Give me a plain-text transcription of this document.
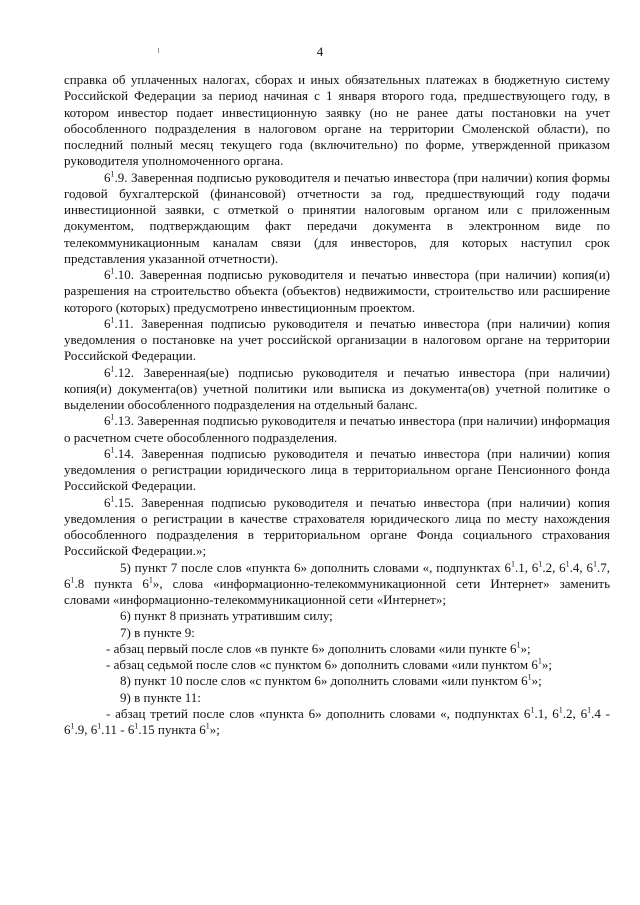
4

справка об уплаченных налогах, сборах и иных обязательных платежах в бюджетную систему Российской Федерации за период начиная с 1 января второго года, предшествующего году, в котором инвестор подает инвестиционную заявку (но не ранее даты постановки на учет обособленного подразделения в налоговом органе на территории Смоленской области), по последний полный месяц текущего года (включительно) по форме, утвержденной приказом руководителя уполномоченного органа.

$6^1.9$. Заверенная подписью руководителя и печатью инвестора (при наличии) копия формы годовой бухгалтерской (финансовой) отчетности за год, предшествующий году подачи инвестиционной заявки, с отметкой о принятии налоговым органом или с приложенным документом, подтверждающим факт передачи документа в электронном виде по телекоммуникационным каналам связи (для инвесторов, для которых наступил срок представления указанной отчетности).

$6^1.10$. Заверенная подписью руководителя и печатью инвестора (при наличии) копия(и) разрешения на строительство объекта (объектов) недвижимости, строительство или расширение которого (которых) предусмотрено инвестиционным проектом.

$6^1.11$. Заверенная подписью руководителя и печатью инвестора (при наличии) копия уведомления о постановке на учет российской организации в налоговом органе на территории Российской Федерации.

$6^1.12$. Заверенная(ые) подписью руководителя и печатью инвестора (при наличии) копия(и) документа(ов) учетной политики или выписка из документа(ов) учетной политике о выделении обособленного подразделения на отдельный баланс.

$6^1.13$. Заверенная подписью руководителя и печатью инвестора (при наличии) информация о расчетном счете обособленного подразделения.

$6^1.14$. Заверенная подписью руководителя и печатью инвестора (при наличии) копия уведомления о регистрации юридического лица в территориальном органе Пенсионного фонда Российской Федерации.

$6^1.15$. Заверенная подписью руководителя и печатью инвестора (при наличии) копия уведомления о регистрации в качестве страхователя юридического лица по месту нахождения обособленного подразделения в территориальном органе Фонда социального страхования Российской Федерации.»;

5) пункт 7 после слов «пункта 6» дополнить словами «, подпунктах $6^1.1$, $6^1.2$, $6^1.4$, $6^1.7$, $6^1.8$ пункта $6^1$», слова «информационно-телекоммуникационной сети Интернет» заменить словами «информационно-телекоммуникационной сети «Интернет»;

6) пункт 8 признать утратившим силу;

7) в пункте 9:

- абзац первый после слов «в пункте 6» дополнить словами «или пункте $6^1$»;

- абзац седьмой после слов «с пунктом 6» дополнить словами «или пунктом $6^1$»;

8) пункт 10 после слов «с пунктом 6» дополнить словами «или пунктом $6^1$»;

9) в пункте 11:

- абзац третий после слов «пункта 6» дополнить словами «, подпунктах $6^1.1$, $6^1.2$, $6^1.4 - 6^1.9$, $6^1.11 - 6^1.15$ пункта $6^1$»;
